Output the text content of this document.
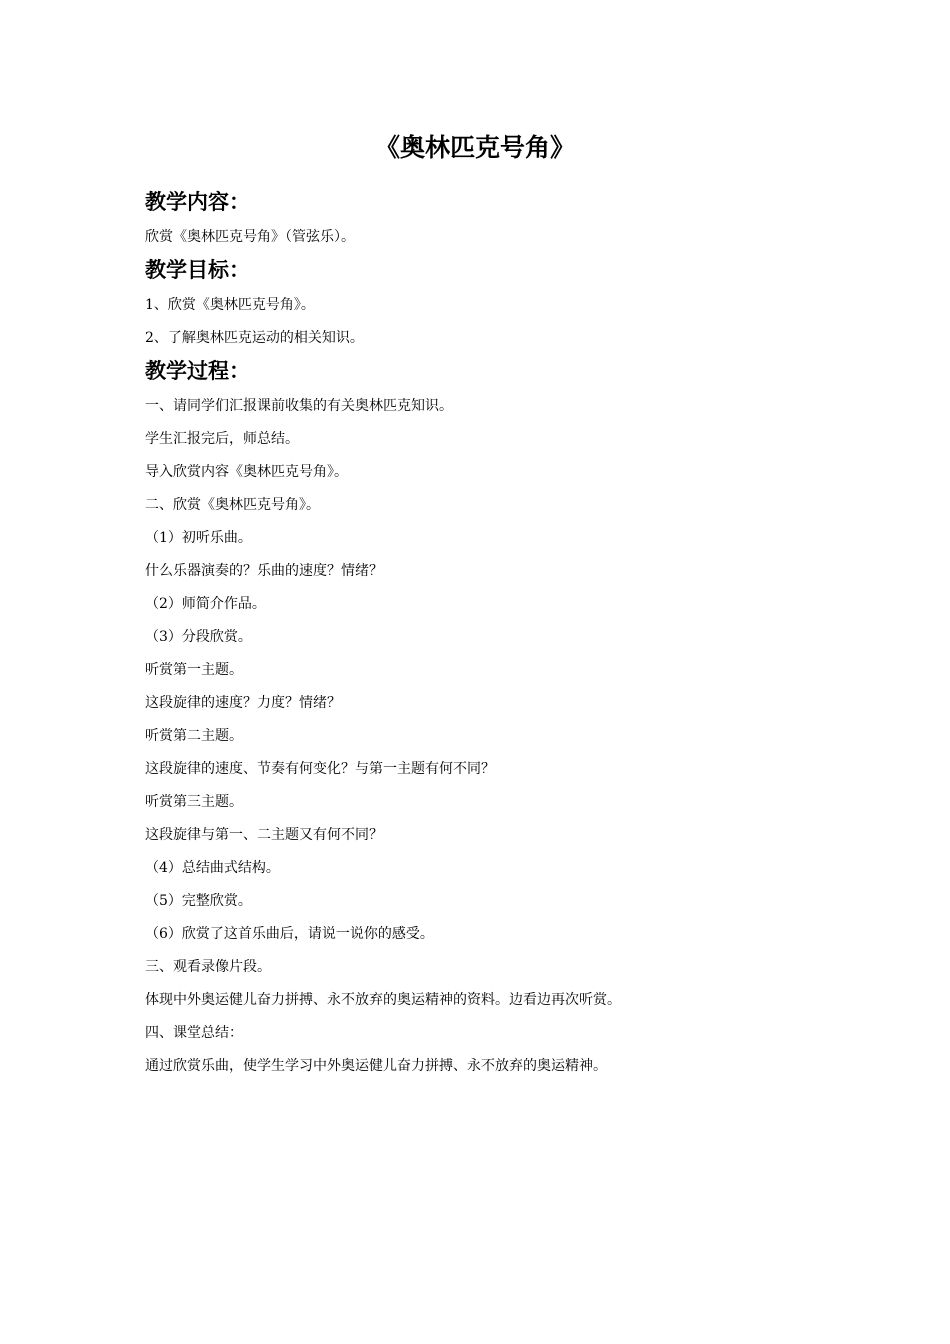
《奥林匹克号角》
教学内容：
欣赏《奥林匹克号角》（管弦乐）。
教学目标：
1、欣赏《奥林匹克号角》。
2、了解奥林匹克运动的相关知识。
教学过程：
一、请同学们汇报课前收集的有关奥林匹克知识。
学生汇报完后，师总结。
导入欣赏内容《奥林匹克号角》。
二、欣赏《奥林匹克号角》。
（1）初听乐曲。
什么乐器演奏的？乐曲的速度？情绪？
（2）师简介作品。
（3）分段欣赏。
听赏第一主题。
这段旋律的速度？力度？情绪？
听赏第二主题。
这段旋律的速度、节奏有何变化？与第一主题有何不同？
听赏第三主题。
这段旋律与第一、二主题又有何不同？
（4）总结曲式结构。
（5）完整欣赏。
（6）欣赏了这首乐曲后，请说一说你的感受。
三、观看录像片段。
体现中外奥运健儿奋力拼搏、永不放弃的奥运精神的资料。边看边再次听赏。
四、课堂总结：
通过欣赏乐曲，使学生学习中外奥运健儿奋力拼搏、永不放弃的奥运精神。
